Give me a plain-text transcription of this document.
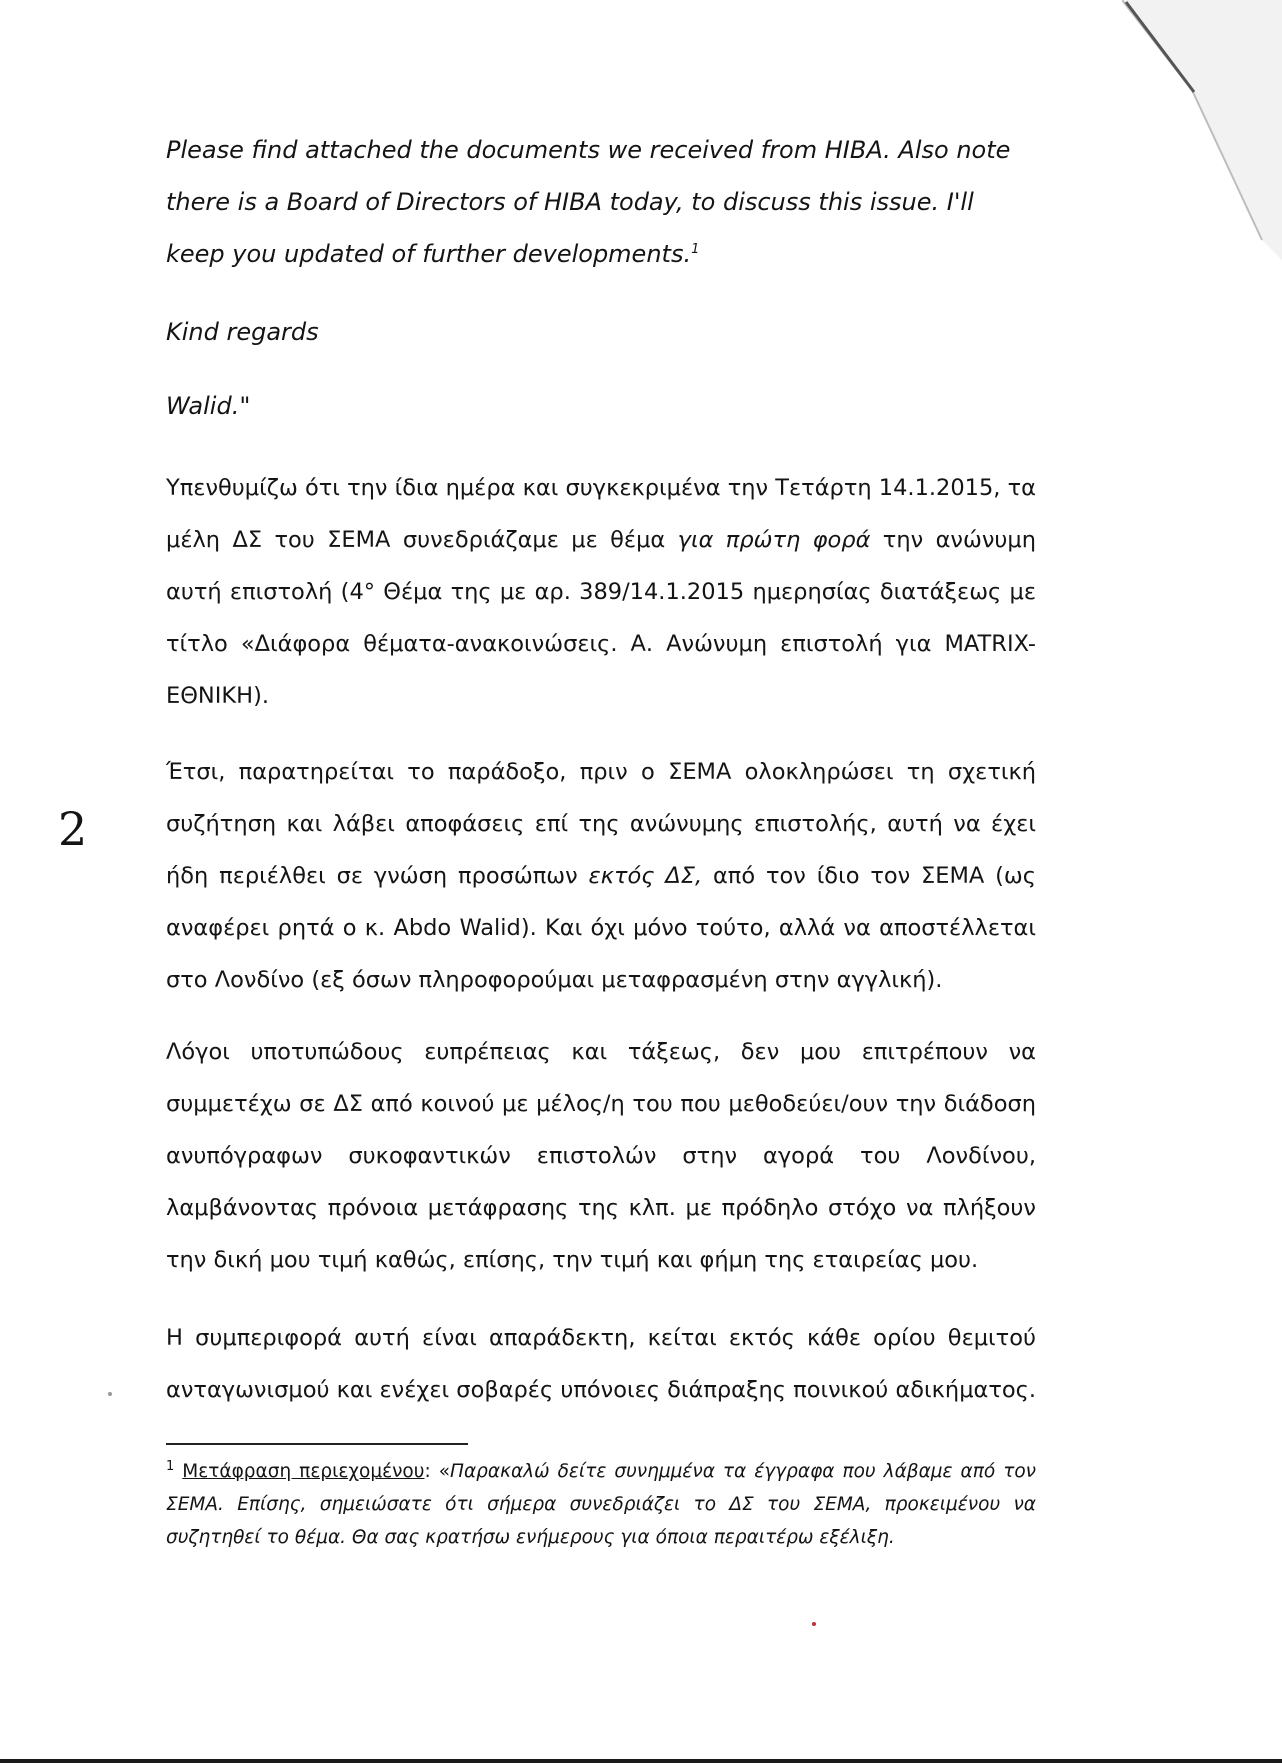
Please find attached the documents we received from HIBA. Also note there is a Board of Directors of HIBA today, to discuss this issue. I'll keep you updated of further developments.$^1$

Kind regards

Walid."

Υπενθυμίζω ότι την ίδια ημέρα και συγκεκριμένα την Τετάρτη 14.1.2015, τα μέλη ΔΣ του ΣΕΜΑ συνεδριάζαμε με θέμα για πρώτη φορά την ανώνυμη αυτή επιστολή (4° Θέμα της με αρ. 389/14.1.2015 ημερησίας διατάξεως με τίτλο «Διάφορα θέματα-ανακοινώσεις. Α. Ανώνυμη επιστολή για MATRIX-ΕΘΝΙΚΗ).

Έτσι, παρατηρείται το παράδοξο, πριν ο ΣΕΜΑ ολοκληρώσει τη σχετική συζήτηση και λάβει αποφάσεις επί της ανώνυμης επιστολής, αυτή να έχει ήδη περιέλθει σε γνώση προσώπων εκτός ΔΣ, από τον ίδιο τον ΣΕΜΑ (ως αναφέρει ρητά ο κ. Abdo Walid). Και όχι μόνο τούτο, αλλά να αποστέλλεται στο Λονδίνο (εξ όσων πληροφορούμαι μεταφρασμένη στην αγγλική).

2

Λόγοι υποτυπώδους ευπρέπειας και τάξεως, δεν μου επιτρέπουν να συμμετέχω σε ΔΣ από κοινού με μέλος/η του που μεθοδεύει/ουν την διάδοση ανυπόγραφων συκοφαντικών επιστολών στην αγορά του Λονδίνου, λαμβάνοντας πρόνοια μετάφρασης της κλπ. με πρόδηλο στόχο να πλήξουν την δική μου τιμή καθώς, επίσης, την τιμή και φήμη της εταιρείας μου.

Η συμπεριφορά αυτή είναι απαράδεκτη, κείται εκτός κάθε ορίου θεμιτού ανταγωνισμού και ενέχει σοβαρές υπόνοιες διάπραξης ποινικού αδικήματος.

$^1$ Μετάφραση περιεχομένου: «Παρακαλώ δείτε συνημμένα τα έγγραφα που λάβαμε από τον ΣΕΜΑ. Επίσης, σημειώσατε ότι σήμερα συνεδριάζει το ΔΣ του ΣΕΜΑ, προκειμένου να συζητηθεί το θέμα. Θα σας κρατήσω ενήμερους για όποια περαιτέρω εξέλιξη.
